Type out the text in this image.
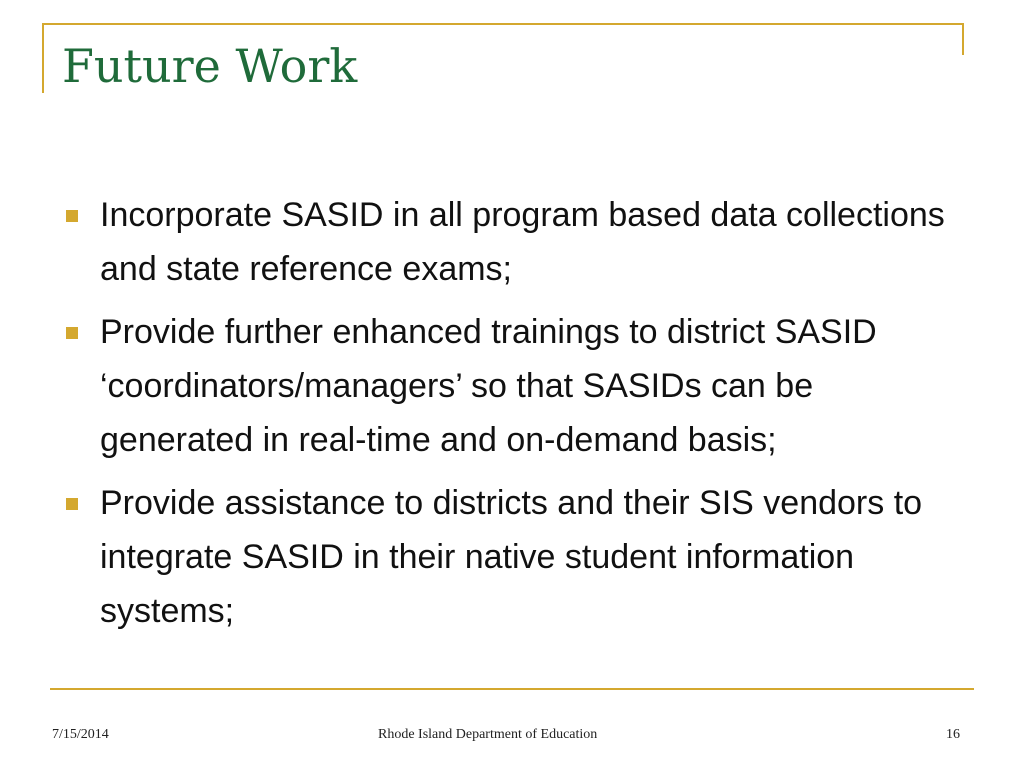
Future Work
Incorporate SASID in all program based data collections and state reference exams;
Provide further enhanced trainings to district SASID ‘coordinators/managers’ so that SASIDs can be generated in real-time and on-demand basis;
Provide assistance to districts and their SIS vendors to integrate SASID in their native student information systems;
7/15/2014	Rhode Island Department of Education	16
